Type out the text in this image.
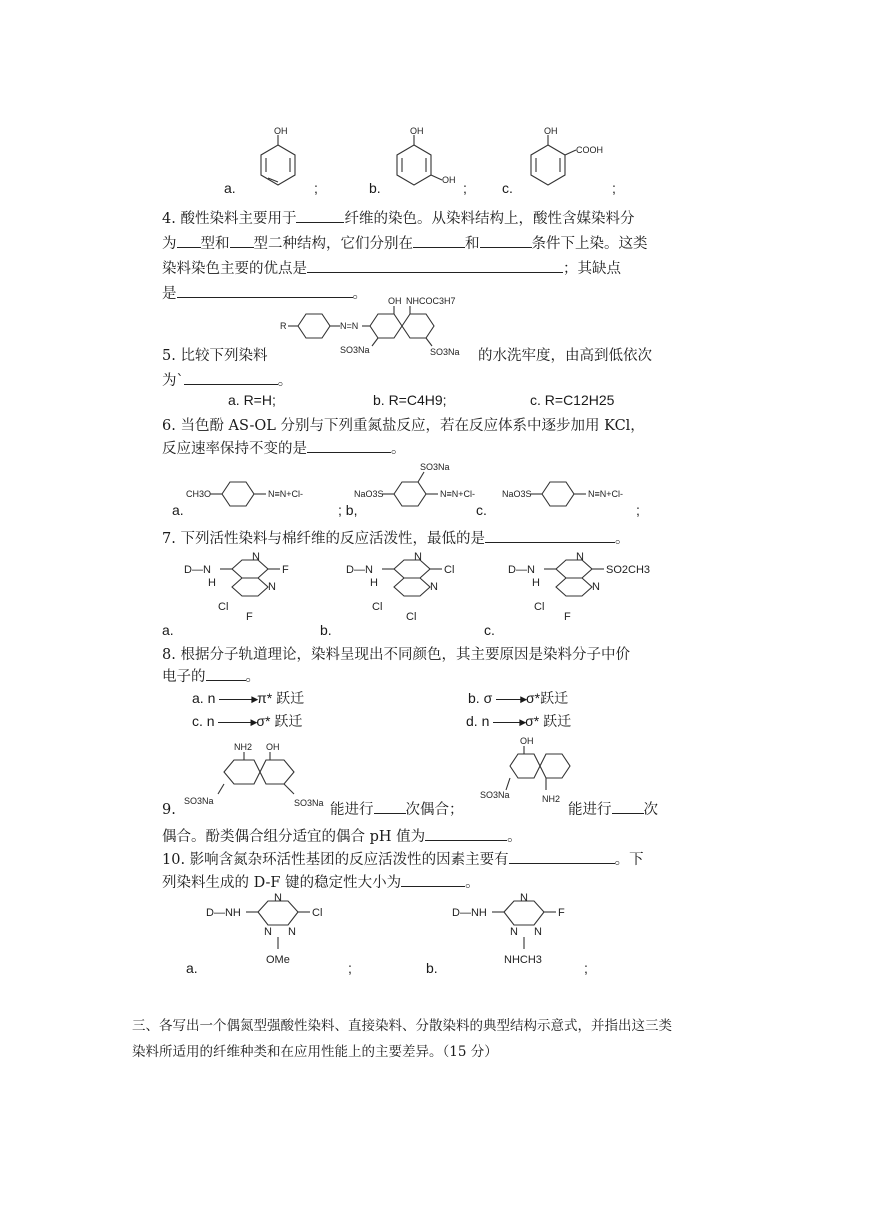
OH
a.	;
OH
OH
b.	;
OH
COOH
c.	;
4. 酸性染料主要用于	纤维的染色。从染料结构上，酸性含媒染料分
为 型和 型二种结构，它们分别在	和	条件下上染。这类
染料染色主要的优点是	；其缺点
是	。
R	N=N
OH NHCOC3H7
SO3Na	SO3Na
5. 比较下列染料	的水洗牢度，由高到低依次
为`	。
a. R=H;	b. R=C4H9;	c. R=C12H25
6. 当色酚 AS-OL 分别与下列重氮盐反应，若在反应体系中逐步加用 KCl，
反应速率保持不变的是	。
CH3O	N≡N+Cl-	NaO3S
SO3Na
N≡N+Cl-	NaO3S	N≡N+Cl-
a.	; b,	c.	;
7. 下列活性染料与棉纤维的反应活泼性，最低的是	。
D—N
H
N
F
N
Cl
F
D—N
H
N
Cl
N
Cl
Cl
D—N
H
N
SO2CH3
N
Cl
F
a.	b.	c.
8. 根据分子轨道理论，染料呈现出不同颜色，其主要原因是染料分子中价
电子的	。
a. n	▶
π* 跃迁	b. σ	▶
σ*跃迁
c. n	▶
σ* 跃迁	d. n	▶
σ* 跃迁
NH2 OH
SO3Na	SO3Na
OH
SO3Na	NH2
9.	能进行 次偶合；	能进行 次
偶合。酚类偶合组分适宜的偶合 pH 值为	。
10. 影响含氮杂环活性基团的反应活泼性的因素主要有	。下
列染料生成的 D-F 键的稳定性大小为	。
D—NH	Cl
N
N N
OMe
D—NH	F
N
N N
NHCH3
a.	;	b.	;
三、各写出一个偶氮型强酸性染料、直接染料、分散染料的典型结构示意式，并指出这三类
染料所适用的纤维种类和在应用性能上的主要差异。（15 分）
